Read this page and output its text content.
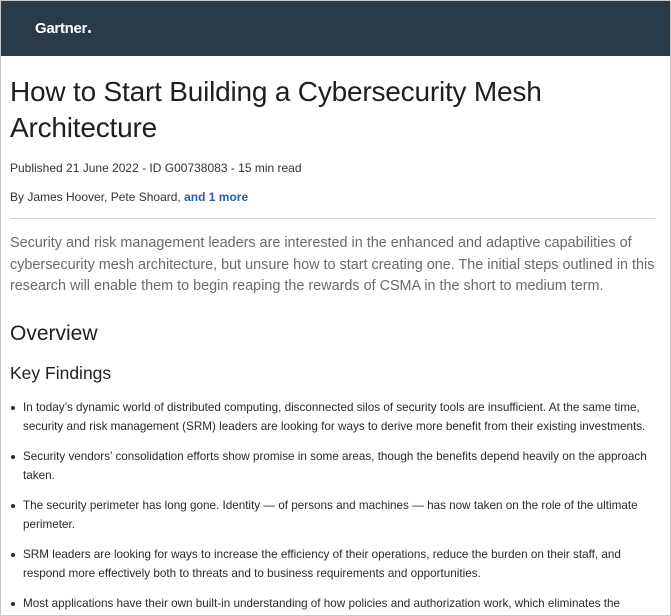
Gartner
How to Start Building a Cybersecurity Mesh Architecture
Published 21 June 2022 - ID G00738083 - 15 min read
By James Hoover, Pete Shoard, and 1 more

Security and risk management leaders are interested in the enhanced and adaptive capabilities of cybersecurity mesh architecture, but unsure how to start creating one. The initial steps outlined in this research will enable them to begin reaping the rewards of CSMA in the short to medium term.

Overview
Key Findings
In today’s dynamic world of distributed computing, disconnected silos of security tools are insufficient. At the same time, security and risk management (SRM) leaders are looking for ways to derive more benefit from their existing investments.
Security vendors’ consolidation efforts show promise in some areas, though the benefits depend heavily on the approach taken.
The security perimeter has long gone. Identity — of persons and machines — has now taken on the role of the ultimate perimeter.
SRM leaders are looking for ways to increase the efficiency of their operations, reduce the burden on their staff, and respond more effectively both to threats and to business requirements and opportunities.
Most applications have their own built-in understanding of how policies and authorization work, which eliminates the
